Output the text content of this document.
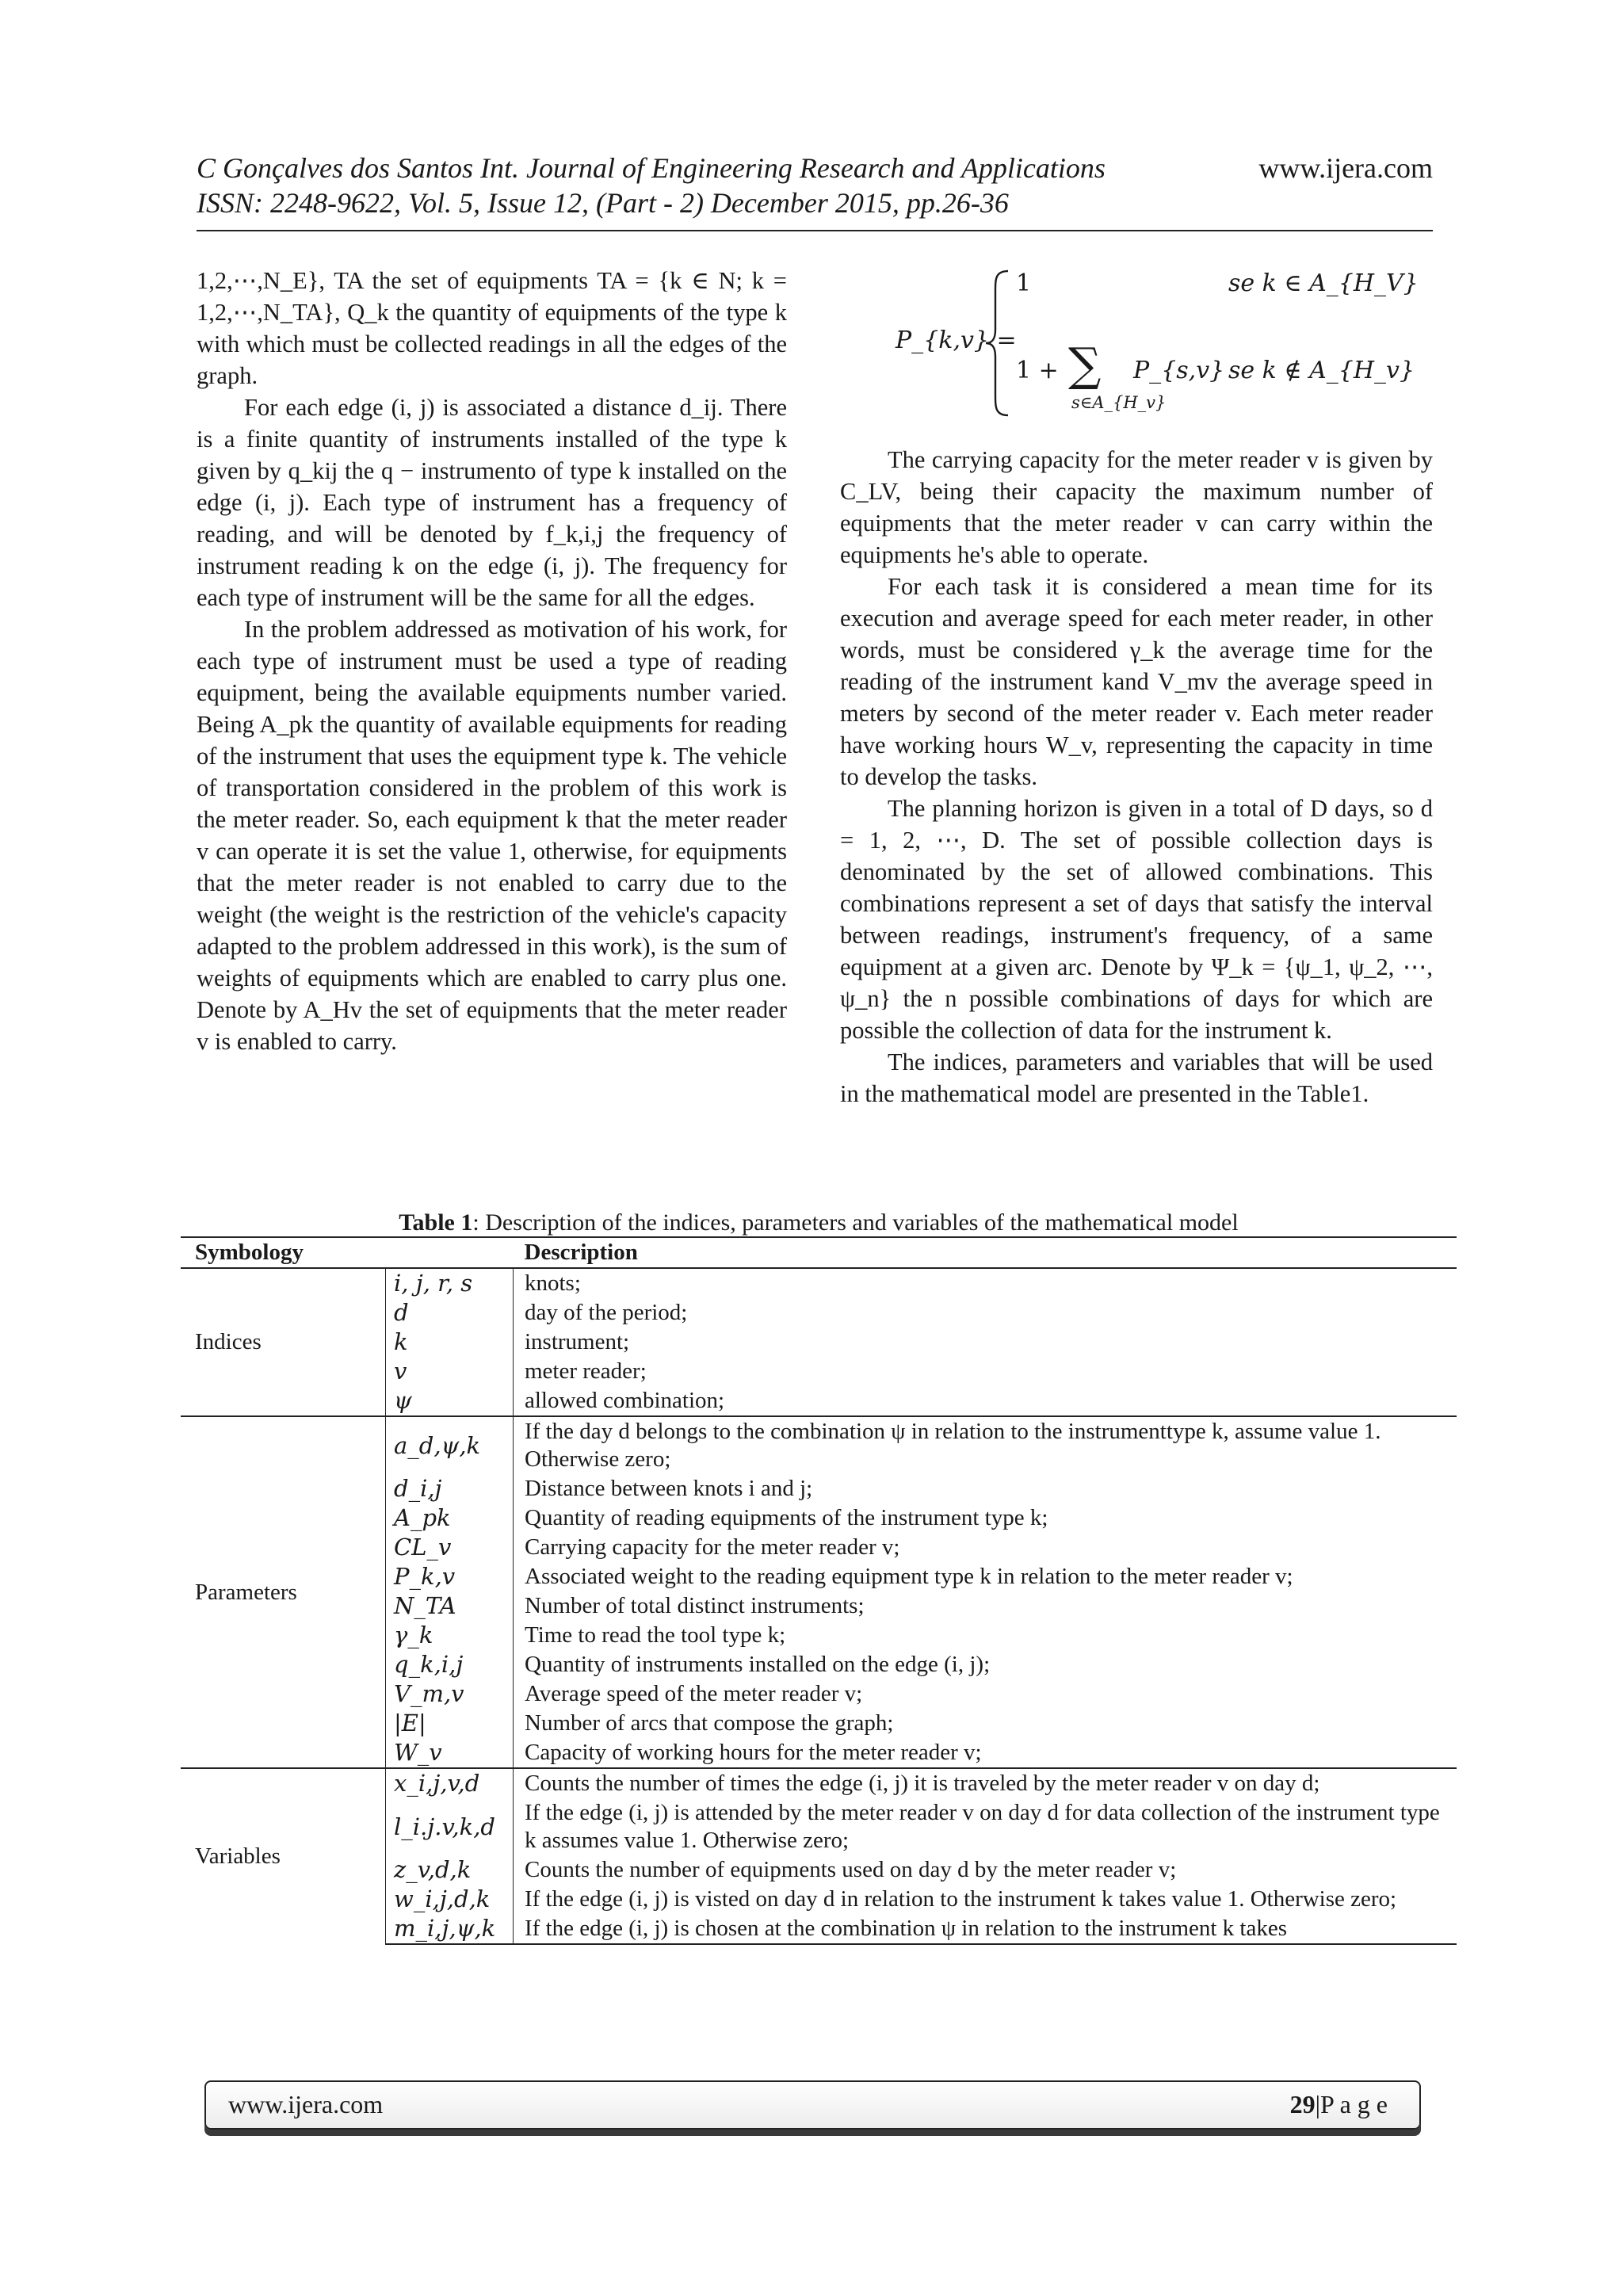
C Gonçalves dos Santos Int. Journal of Engineering Research and Applications	www.ijera.com
ISSN: 2248-9622, Vol. 5, Issue 12, (Part - 2) December 2015, pp.26-36

1,2,⋯,N_E}, TA the set of equipments TA = {k ∈ N; k = 1,2,⋯,N_TA}, Q_k the quantity of equipments of the type k with which must be collected readings in all the edges of the graph.

For each edge (i, j) is associated a distance d_ij. There is a finite quantity of instruments installed of the type k given by q_kij the q − instrumento of type k installed on the edge (i, j). Each type of instrument has a frequency of reading, and will be denoted by f_k,i,j the frequency of instrument reading k on the edge (i, j). The frequency for each type of instrument will be the same for all the edges.

In the problem addressed as motivation of his work, for each type of instrument must be used a type of reading equipment, being the available equipments number varied. Being A_pk the quantity of available equipments for reading of the instrument that uses the equipment type k. The vehicle of transportation considered in the problem of this work is the meter reader. So, each equipment k that the meter reader v can operate it is set the value 1, otherwise, for equipments that the meter reader is not enabled to carry due to the weight (the weight is the restriction of the vehicle's capacity adapted to the problem addressed in this work), is the sum of weights of equipments which are enabled to carry plus one. Denote by A_Hv the set of equipments that the meter reader v is enabled to carry.

P_{k,v} =
1	se k ∈ A_{H_V}
1 + ∑ P_{s,v}
s∈A_{H_v}
se k ∉ A_{H_v}

The carrying capacity for the meter reader v is given by C_LV, being their capacity the maximum number of equipments that the meter reader v can carry within the equipments he's able to operate.

For each task it is considered a mean time for its execution and average speed for each meter reader, in other words, must be considered γ_k the average time for the reading of the instrument kand V_mv the average speed in meters by second of the meter reader v. Each meter reader have working hours W_v, representing the capacity in time to develop the tasks.

The planning horizon is given in a total of D days, so d = 1, 2, ⋯, D. The set of possible collection days is denominated by the set of allowed combinations. This combinations represent a set of days that satisfy the interval between readings, instrument's frequency, of a same equipment at a given arc. Denote by Ψ_k = {ψ_1, ψ_2, ⋯, ψ_n} the n possible combinations of days for which are possible the collection of data for the instrument k.

The indices, parameters and variables that will be used in the mathematical model are presented in the Table1.

Table 1: Description of the indices, parameters and variables of the mathematical model
Symbology		Description
Indices	i, j, r, s	knots;
	d	day of the period;
	k	instrument;
	v	meter reader;
	ψ	allowed combination;
Parameters	a_d,ψ,k	If the day d belongs to the combination ψ in relation to the instrumenttype k, assume value 1. Otherwise zero;
	d_i,j	Distance between knots i and j;
	A_pk	Quantity of reading equipments of the instrument type k;
	CL_v	Carrying capacity for the meter reader v;
	P_k,v	Associated weight to the reading equipment type k in relation to the meter reader v;
	N_TA	Number of total distinct instruments;
	γ_k	Time to read the tool type k;
	q_k,i,j	Quantity of instruments installed on the edge (i, j);
	V_m,v	Average speed of the meter reader v;
	|E|	Number of arcs that compose the graph;
	W_v	Capacity of working hours for the meter reader v;
Variables	x_i,j,v,d	Counts the number of times the edge (i, j) it is traveled by the meter reader v on day d;
	l_i.j.v,k,d	If the edge (i, j) is attended by the meter reader v on day d for data collection of the instrument type k assumes value 1. Otherwise zero;
	z_v,d,k	Counts the number of equipments used on day d by the meter reader v;
	w_i,j,d,k	If the edge (i, j) is visted on day d in relation to the instrument k takes value 1. Otherwise zero;
	m_i,j,ψ,k	If the edge (i, j) is chosen at the combination ψ in relation to the instrument k takes
www.ijera.com	29|P a g e
